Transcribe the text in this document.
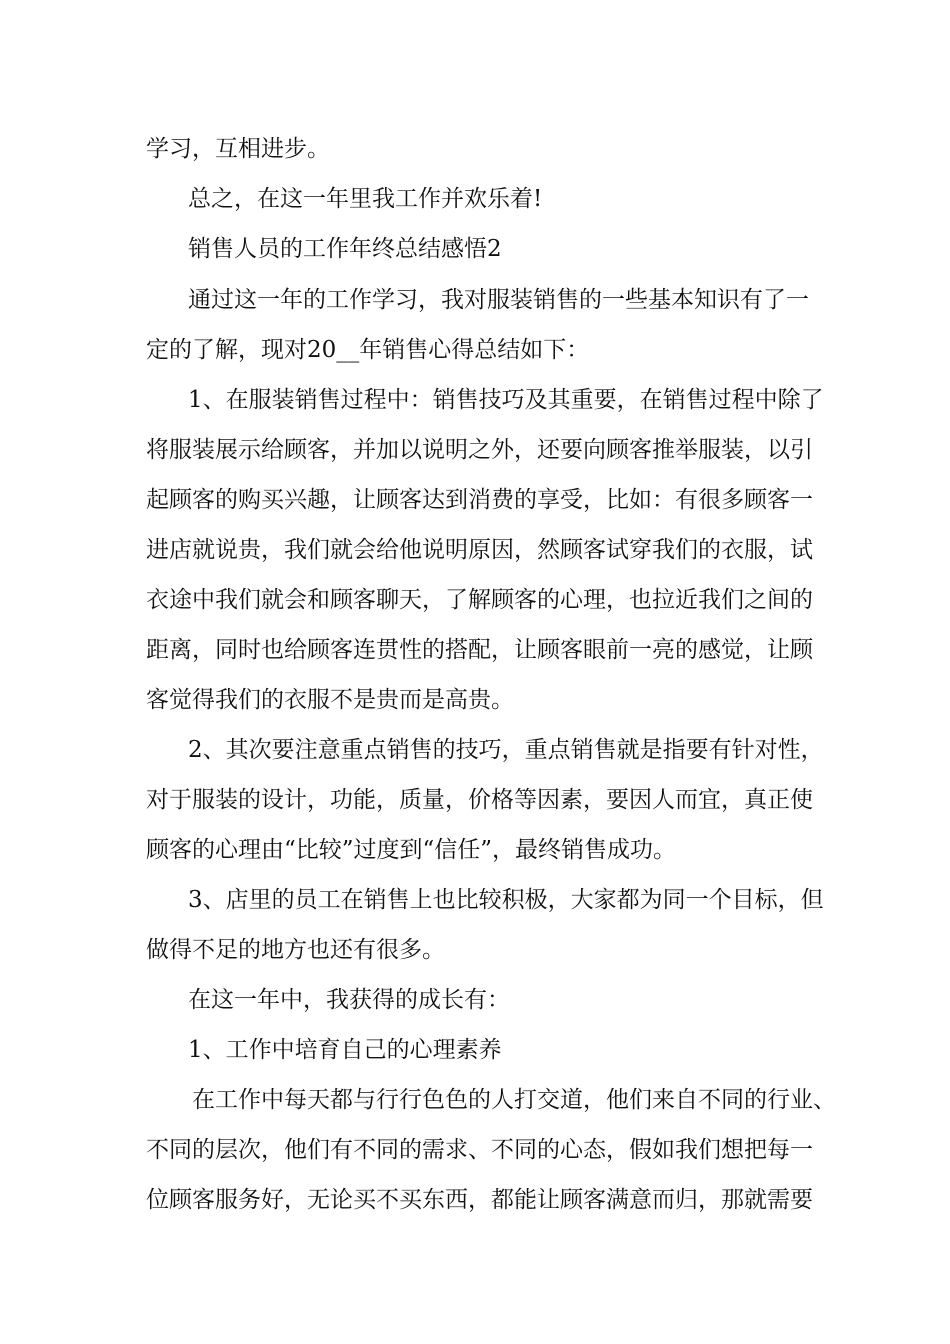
学习，互相进步。
总之，在这一年里我工作并欢乐着!
销售人员的工作年终总结感悟2
通过这一年的工作学习，我对服装销售的一些基本知识有了一
定的了解，现对20__年销售心得总结如下：
1、在服装销售过程中：销售技巧及其重要，在销售过程中除了
将服装展示给顾客，并加以说明之外，还要向顾客推举服装，以引
起顾客的购买兴趣，让顾客达到消费的享受，比如：有很多顾客一
进店就说贵，我们就会给他说明原因，然顾客试穿我们的衣服，试
衣途中我们就会和顾客聊天，了解顾客的心理，也拉近我们之间的
距离，同时也给顾客连贯性的搭配，让顾客眼前一亮的感觉，让顾
客觉得我们的衣服不是贵而是高贵。
2、其次要注意重点销售的技巧，重点销售就是指要有针对性，
对于服装的设计，功能，质量，价格等因素，要因人而宜，真正使
顾客的心理由“比较”过度到“信任”，最终销售成功。
3、店里的员工在销售上也比较积极，大家都为同一个目标，但
做得不足的地方也还有很多。
在这一年中，我获得的成长有：
1、工作中培育自己的心理素养
在工作中每天都与行行色色的人打交道，他们来自不同的行业、
不同的层次，他们有不同的需求、不同的心态，假如我们想把每一
位顾客服务好，无论买不买东西，都能让顾客满意而归，那就需要
